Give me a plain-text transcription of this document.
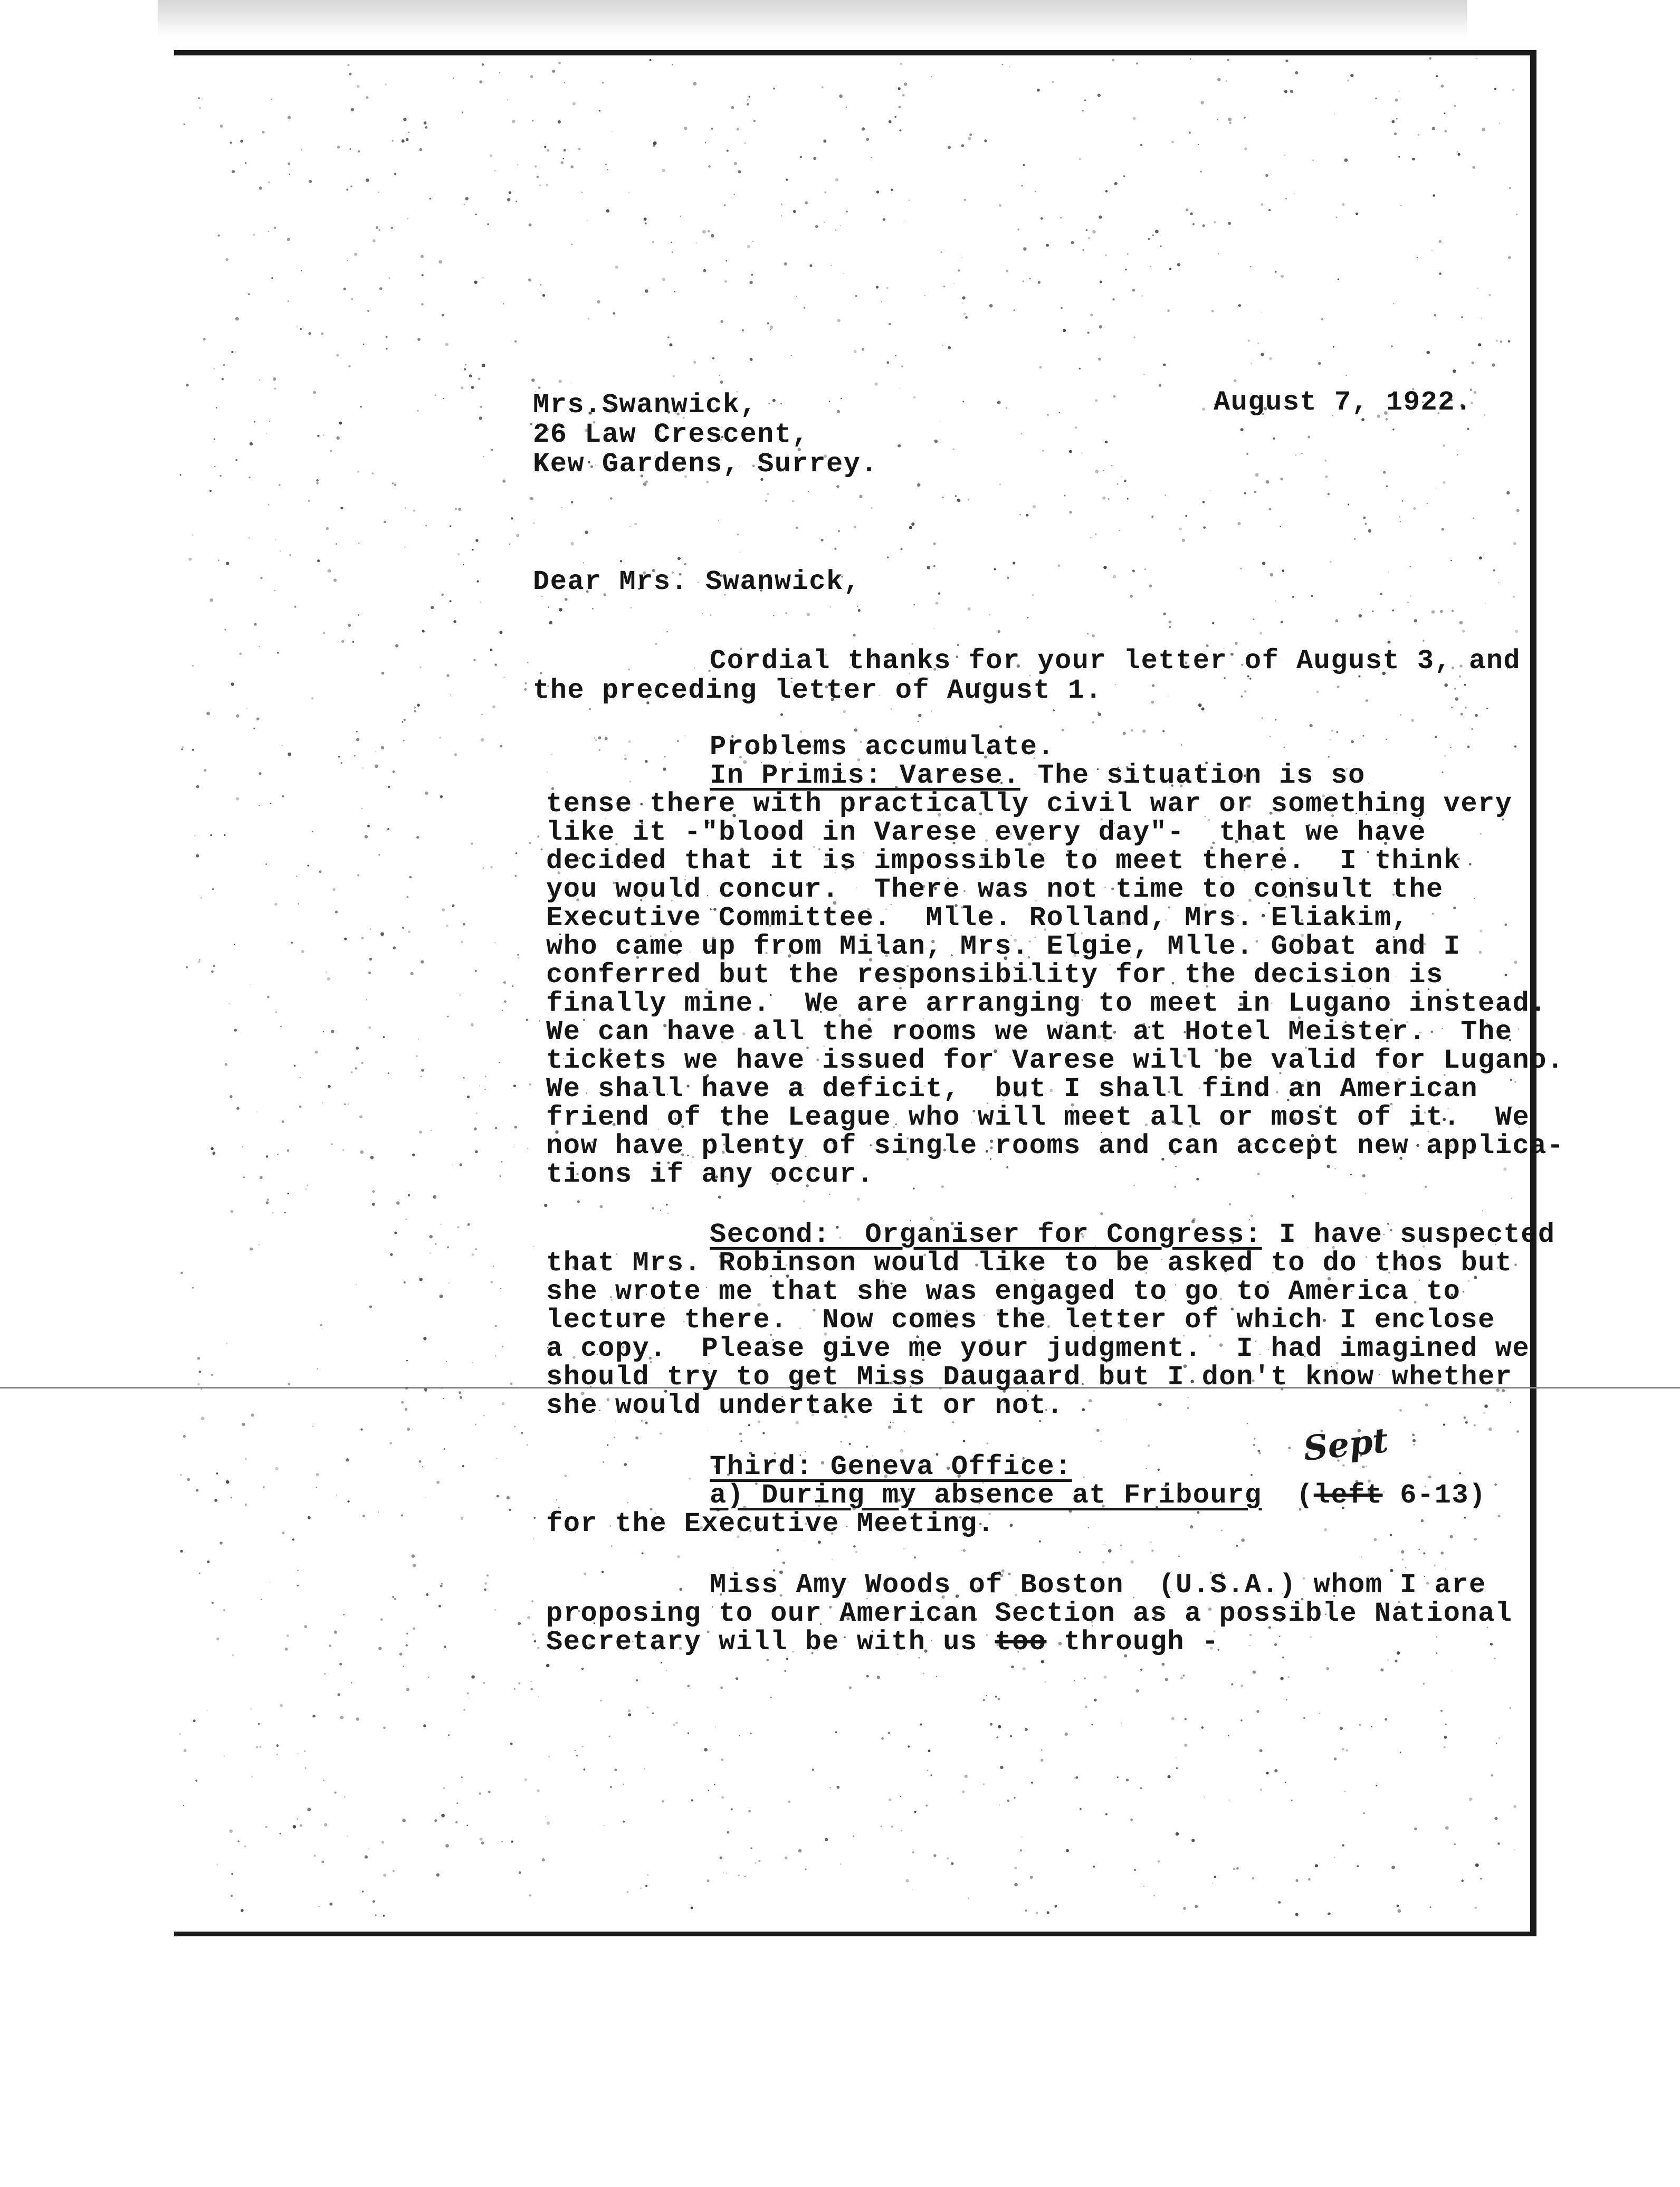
Mrs.Swanwick,
26 Law Crescent,
Kew Gardens, Surrey.
August 7, 1922.
Dear Mrs. Swanwick,
Cordial thanks for your letter of August 3, and
the preceding letter of August 1.
Problems accumulate.
In Primis: Varese. The situation is so
tense there with practically civil war or something very
like it -"blood in Varese every day"-  that we have
decided that it is impossible to meet there.  I think
you would concur.  There was not time to consult the
Executive Committee.  Mlle. Rolland, Mrs. Eliakim,
who came up from Milan, Mrs. Elgie, Mlle. Gobat and I
conferred but the responsibility for the decision is
finally mine.  We are arranging to meet in Lugano instead.
We can have all the rooms we want at Hotel Meister.  The
tickets we have issued for Varese will be valid for Lugano.
We shall have a deficit,  but I shall find an American
friend of the League who will meet all or most of it.  We
now have plenty of single rooms and can accept new applica-
tions if any occur.
Second:  Organiser for Congress: I have suspected
that Mrs. Robinson would like to be asked to do thos but
she wrote me that she was engaged to go to America to
lecture there.  Now comes the letter of which I enclose
a copy.  Please give me your judgment.  I had imagined we
should try to get Miss Daugaard but I don't know whether
she would undertake it or not.
Sept
Third: Geneva Office:
a) During my absence at Fribourg (left 6-13)
for the Executive Meeting.
Miss Amy Woods of Boston  (U.S.A.) whom I are
proposing to our American Section as a possible National
Secretary will be with us too through -
